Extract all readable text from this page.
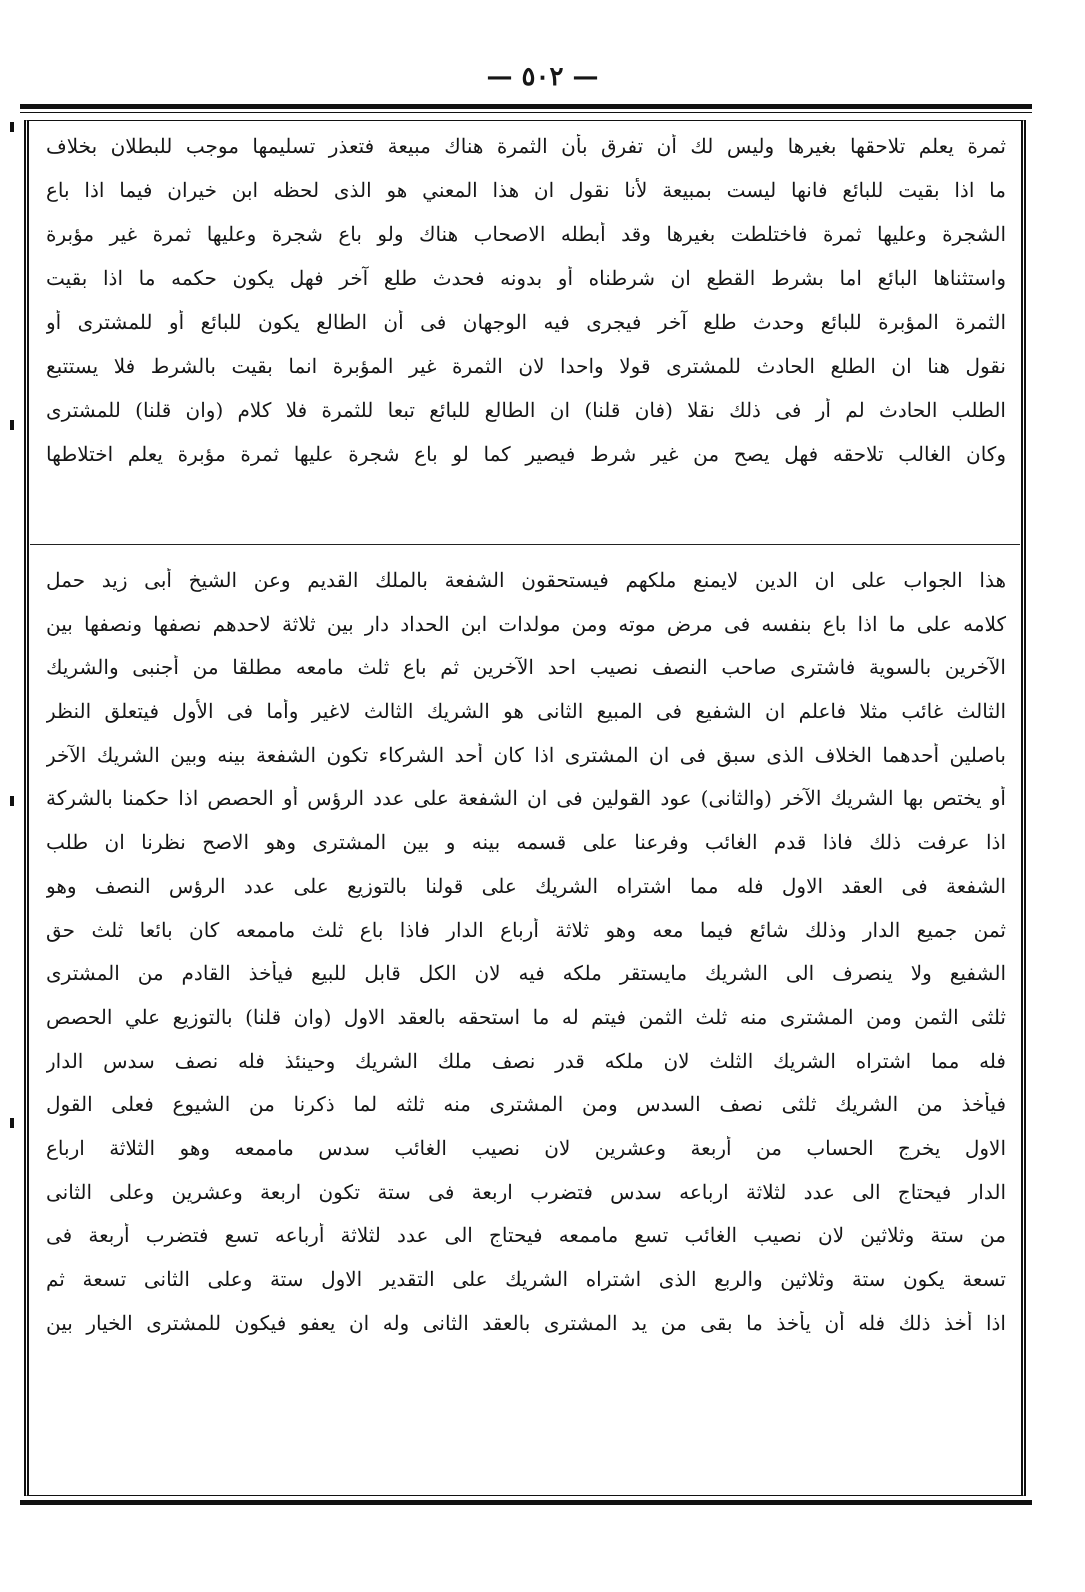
— ٥٠٢ —
ثمرة يعلم تلاحقها بغيرها وليس لك أن تفرق بأن الثمرة هناك مبيعة فتعذر تسليمها موجب للبطلان بخلاف
ما اذا بقيت للبائع فانها ليست بمبيعة لأنا نقول ان هذا المعني هو الذى لحظه ابن خيران فيما اذا باع
الشجرة وعليها ثمرة فاختلطت بغيرها وقد أبطله الاصحاب هناك ولو باع شجرة وعليها ثمرة غير مؤبرة
واستثناها البائع اما بشرط القطع ان شرطناه أو بدونه فحدث طلع آخر فهل يكون حكمه ما اذا بقيت
الثمرة المؤبرة للبائع وحدث طلع آخر فيجرى فيه الوجهان فى أن الطالع يكون للبائع أو للمشترى أو
نقول هنا ان الطلع الحادث للمشترى قولا واحدا لان الثمرة غير المؤبرة انما بقيت بالشرط فلا يستتبع
الطلب الحادث لم أر فى ذلك نقلا (فان قلنا) ان الطالع للبائع تبعا للثمرة فلا كلام (وان قلنا) للمشترى
وكان الغالب تلاحقه فهل يصح من غير شرط فيصير كما لو باع شجرة عليها ثمرة مؤبرة يعلم اختلاطها
هذا الجواب على ان الدين لايمنع ملكهم فيستحقون الشفعة بالملك القديم وعن الشيخ أبى زيد حمل
كلامه على ما اذا باع بنفسه فى مرض موته ومن مولدات ابن الحداد دار بين ثلاثة لاحدهم نصفها ونصفها بين
الآخرين بالسوية فاشترى صاحب النصف نصيب احد الآخرين ثم باع ثلث مامعه مطلقا من أجنبى والشريك
الثالث غائب مثلا فاعلم ان الشفيع فى المبيع الثانى هو الشريك الثالث لاغير وأما فى الأول فيتعلق النظر
باصلين أحدهما الخلاف الذى سبق فى ان المشترى اذا كان أحد الشركاء تكون الشفعة بينه وبين الشريك الآخر
أو يختص بها الشريك الآخر (والثانى) عود القولين فى ان الشفعة على عدد الرؤس أو الحصص اذا حكمنا بالشركة
اذا عرفت ذلك فاذا قدم الغائب وفرعنا على قسمه بينه و بين المشترى وهو الاصح نظرنا ان طلب
الشفعة فى العقد الاول فله مما اشتراه الشريك على قولنا بالتوزيع على عدد الرؤس النصف وهو
ثمن جميع الدار وذلك شائع فيما معه وهو ثلاثة أرباع الدار فاذا باع ثلث ماممعه كان بائعا ثلث حق
الشفيع ولا ينصرف الى الشريك مايستقر ملكه فيه لان الكل قابل للبيع فيأخذ القادم من المشترى
ثلثى الثمن ومن المشترى منه ثلث الثمن فيتم له ما استحقه بالعقد الاول (وان قلنا) بالتوزيع علي الحصص
فله مما اشتراه الشريك الثلث لان ملكه قدر نصف ملك الشريك وحينئذ فله نصف سدس الدار
فيأخذ من الشريك ثلثى نصف السدس ومن المشترى منه ثلثه لما ذكرنا من الشيوع فعلى القول
الاول يخرج الحساب من أربعة وعشرين لان نصيب الغائب سدس ماممعه وهو الثلاثة ارباع
الدار فيحتاج الى عدد لثلاثة ارباعه سدس فتضرب اربعة فى ستة تكون اربعة وعشرين وعلى الثانى
من ستة وثلاثين لان نصيب الغائب تسع ماممعه فيحتاج الى عدد لثلاثة أرباعه تسع فتضرب أربعة فى
تسعة يكون ستة وثلاثين والربع الذى اشتراه الشريك على التقدير الاول ستة وعلى الثانى تسعة ثم
اذا أخذ ذلك فله أن يأخذ ما بقى من يد المشترى بالعقد الثانى وله ان يعفو فيكون للمشترى الخيار بين
